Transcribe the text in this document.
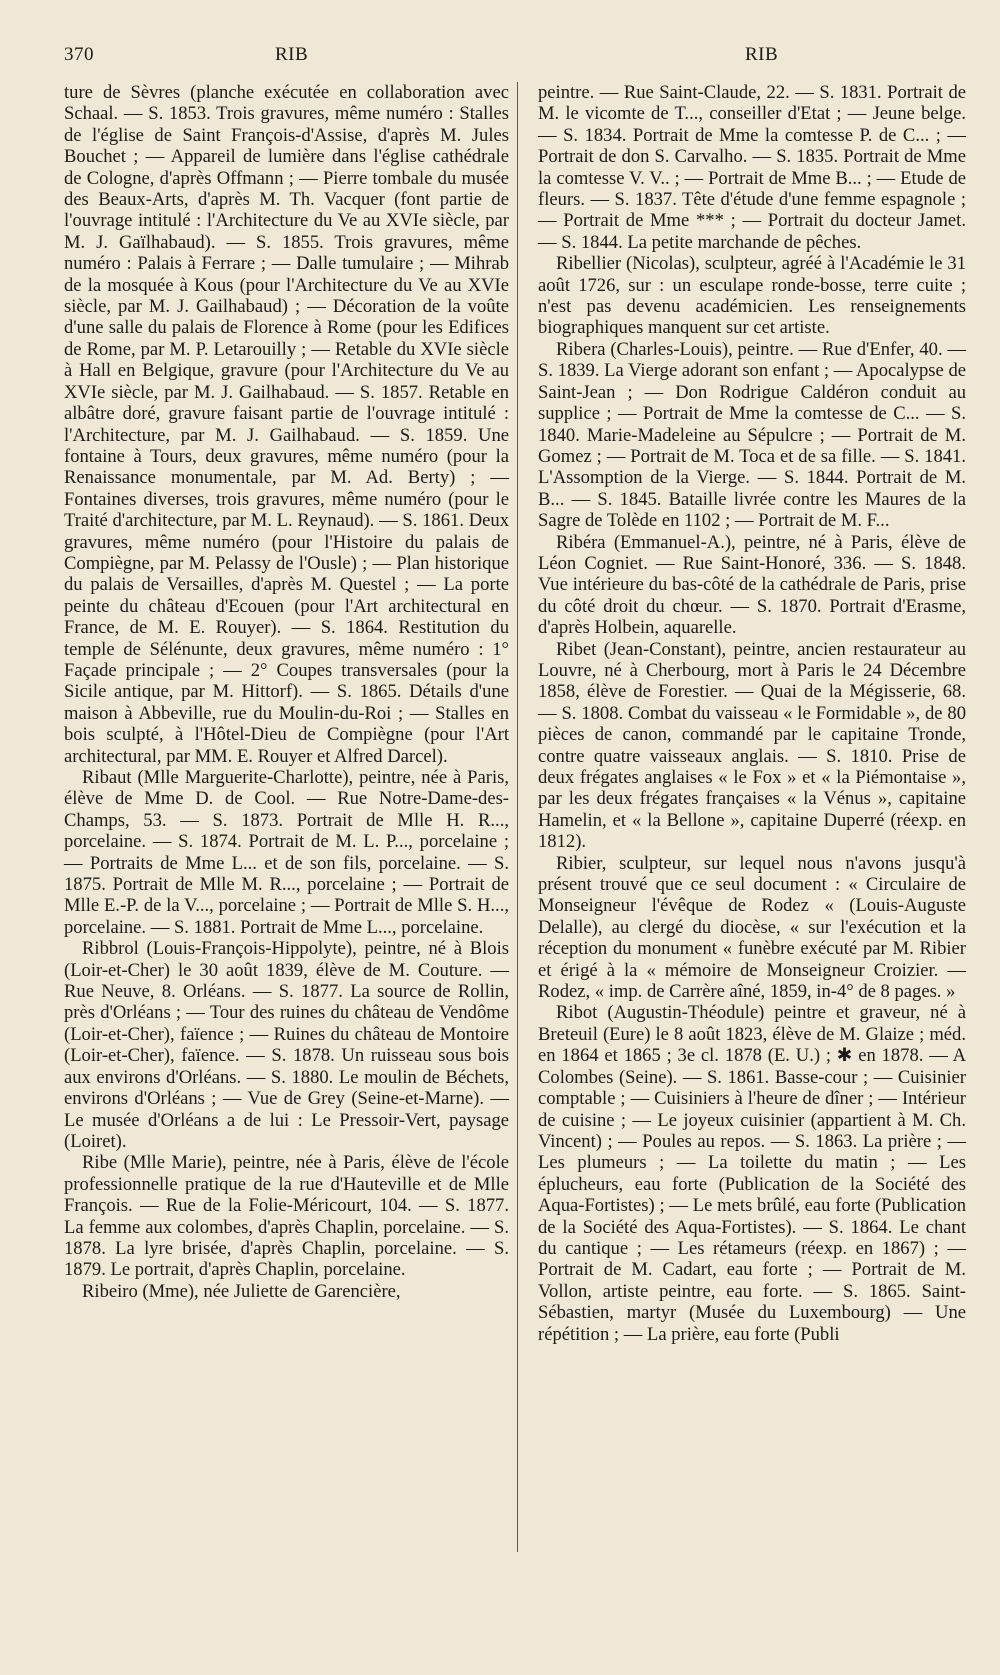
370	RIB	RIB

ture de Sèvres (planche exécutée en collaboration avec Schaal. — S. 1853. Trois gravures, même numéro : Stalles de l'église de Saint François-d'Assise, d'après M. Jules Bouchet ; — Appareil de lumière dans l'église cathédrale de Cologne, d'après Offmann ; — Pierre tombale du musée des Beaux-Arts, d'après M. Th. Vacquer (font partie de l'ouvrage intitulé : l'Architecture du Ve au XVIe siècle, par M. J. Gaïlhabaud). — S. 1855. Trois gravures, même numéro : Palais à Ferrare ; — Dalle tumulaire ; — Mihrab de la mosquée à Kous (pour l'Architecture du Ve au XVIe siècle, par M. J. Gailhabaud) ; — Décoration de la voûte d'une salle du palais de Florence à Rome (pour les Edifices de Rome, par M. P. Letarouilly ; — Retable du XVIe siècle à Hall en Belgique, gravure (pour l'Architecture du Ve au XVIe siècle, par M. J. Gailhabaud. — S. 1857. Retable en albâtre doré, gravure faisant partie de l'ouvrage intitulé : l'Architecture, par M. J. Gailhabaud. — S. 1859. Une fontaine à Tours, deux gravures, même numéro (pour la Renaissance monumentale, par M. Ad. Berty) ; — Fontaines diverses, trois gravures, même numéro (pour le Traité d'architecture, par M. L. Reynaud). — S. 1861. Deux gravures, même numéro (pour l'Histoire du palais de Compiègne, par M. Pelassy de l'Ousle) ; — Plan historique du palais de Versailles, d'après M. Questel ; — La porte peinte du château d'Ecouen (pour l'Art architectural en France, de M. E. Rouyer). — S. 1864. Restitution du temple de Sélénunte, deux gravures, même numéro : 1° Façade principale ; — 2° Coupes transversales (pour la Sicile antique, par M. Hittorf). — S. 1865. Détails d'une maison à Abbeville, rue du Moulin-du-Roi ; — Stalles en bois sculpté, à l'Hôtel-Dieu de Compiègne (pour l'Art architectural, par MM. E. Rouyer et Alfred Darcel).

Ribaut (Mlle Marguerite-Charlotte), peintre, née à Paris, élève de Mme D. de Cool. — Rue Notre-Dame-des-Champs, 53. — S. 1873. Portrait de Mlle H. R..., porcelaine. — S. 1874. Portrait de M. L. P..., porcelaine ; — Portraits de Mme L... et de son fils, porcelaine. — S. 1875. Portrait de Mlle M. R..., porcelaine ; — Portrait de Mlle E.-P. de la V..., porcelaine ; — Portrait de Mlle S. H..., porcelaine. — S. 1881. Portrait de Mme L..., porcelaine.

Ribbrol (Louis-François-Hippolyte), peintre, né à Blois (Loir-et-Cher) le 30 août 1839, élève de M. Couture. — Rue Neuve, 8. Orléans. — S. 1877. La source de Rollin, près d'Orléans ; — Tour des ruines du château de Vendôme (Loir-et-Cher), faïence ; — Ruines du château de Montoire (Loir-et-Cher), faïence. — S. 1878. Un ruisseau sous bois aux environs d'Orléans. — S. 1880. Le moulin de Béchets, environs d'Orléans ; — Vue de Grey (Seine-et-Marne). — Le musée d'Orléans a de lui : Le Pressoir-Vert, paysage (Loiret).

Ribe (Mlle Marie), peintre, née à Paris, élève de l'école professionnelle pratique de la rue d'Hauteville et de Mlle François. — Rue de la Folie-Méricourt, 104. — S. 1877. La femme aux colombes, d'après Chaplin, porcelaine. — S. 1878. La lyre brisée, d'après Chaplin, porcelaine. — S. 1879. Le portrait, d'après Chaplin, porcelaine.

Ribeiro (Mme), née Juliette de Garencière,

peintre. — Rue Saint-Claude, 22. — S. 1831. Portrait de M. le vicomte de T..., conseiller d'Etat ; — Jeune belge. — S. 1834. Portrait de Mme la comtesse P. de C... ; — Portrait de don S. Carvalho. — S. 1835. Portrait de Mme la comtesse V. V.. ; — Portrait de Mme B... ; — Etude de fleurs. — S. 1837. Tête d'étude d'une femme espagnole ; — Portrait de Mme *** ; — Portrait du docteur Jamet. — S. 1844. La petite marchande de pêches.

Ribellier (Nicolas), sculpteur, agréé à l'Académie le 31 août 1726, sur : un esculape ronde-bosse, terre cuite ; n'est pas devenu académicien. Les renseignements biographiques manquent sur cet artiste.

Ribera (Charles-Louis), peintre. — Rue d'Enfer, 40. — S. 1839. La Vierge adorant son enfant ; — Apocalypse de Saint-Jean ; — Don Rodrigue Caldéron conduit au supplice ; — Portrait de Mme la comtesse de C... — S. 1840. Marie-Madeleine au Sépulcre ; — Portrait de M. Gomez ; — Portrait de M. Toca et de sa fille. — S. 1841. L'Assomption de la Vierge. — S. 1844. Portrait de M. B... — S. 1845. Bataille livrée contre les Maures de la Sagre de Tolède en 1102 ; — Portrait de M. F...

Ribéra (Emmanuel-A.), peintre, né à Paris, élève de Léon Cogniet. — Rue Saint-Honoré, 336. — S. 1848. Vue intérieure du bas-côté de la cathédrale de Paris, prise du côté droit du chœur. — S. 1870. Portrait d'Erasme, d'après Holbein, aquarelle.

Ribet (Jean-Constant), peintre, ancien restaurateur au Louvre, né à Cherbourg, mort à Paris le 24 Décembre 1858, élève de Forestier. — Quai de la Mégisserie, 68. — S. 1808. Combat du vaisseau « le Formidable », de 80 pièces de canon, commandé par le capitaine Tronde, contre quatre vaisseaux anglais. — S. 1810. Prise de deux frégates anglaises « le Fox » et « la Piémontaise », par les deux frégates françaises « la Vénus », capitaine Hamelin, et « la Bellone », capitaine Duperré (réexp. en 1812).

Ribier, sculpteur, sur lequel nous n'avons jusqu'à présent trouvé que ce seul document : « Circulaire de Monseigneur l'évêque de Rodez « (Louis-Auguste Delalle), au clergé du diocèse, « sur l'exécution et la réception du monument « funèbre exécuté par M. Ribier et érigé à la « mémoire de Monseigneur Croizier. — Rodez, « imp. de Carrère aîné, 1859, in-4° de 8 pages. »

Ribot (Augustin-Théodule) peintre et graveur, né à Breteuil (Eure) le 8 août 1823, élève de M. Glaize ; méd. en 1864 et 1865 ; 3e cl. 1878 (E. U.) ; ✱ en 1878. — A Colombes (Seine). — S. 1861. Basse-cour ; — Cuisinier comptable ; — Cuisiniers à l'heure de dîner ; — Intérieur de cuisine ; — Le joyeux cuisinier (appartient à M. Ch. Vincent) ; — Poules au repos. — S. 1863. La prière ; — Les plumeurs ; — La toilette du matin ; — Les éplucheurs, eau forte (Publication de la Société des Aqua-Fortistes) ; — Le mets brûlé, eau forte (Publication de la Société des Aqua-Fortistes). — S. 1864. Le chant du cantique ; — Les rétameurs (réexp. en 1867) ; — Portrait de M. Cadart, eau forte ; — Portrait de M. Vollon, artiste peintre, eau forte. — S. 1865. Saint-Sébastien, martyr (Musée du Luxembourg) — Une répétition ; — La prière, eau forte (Publi
